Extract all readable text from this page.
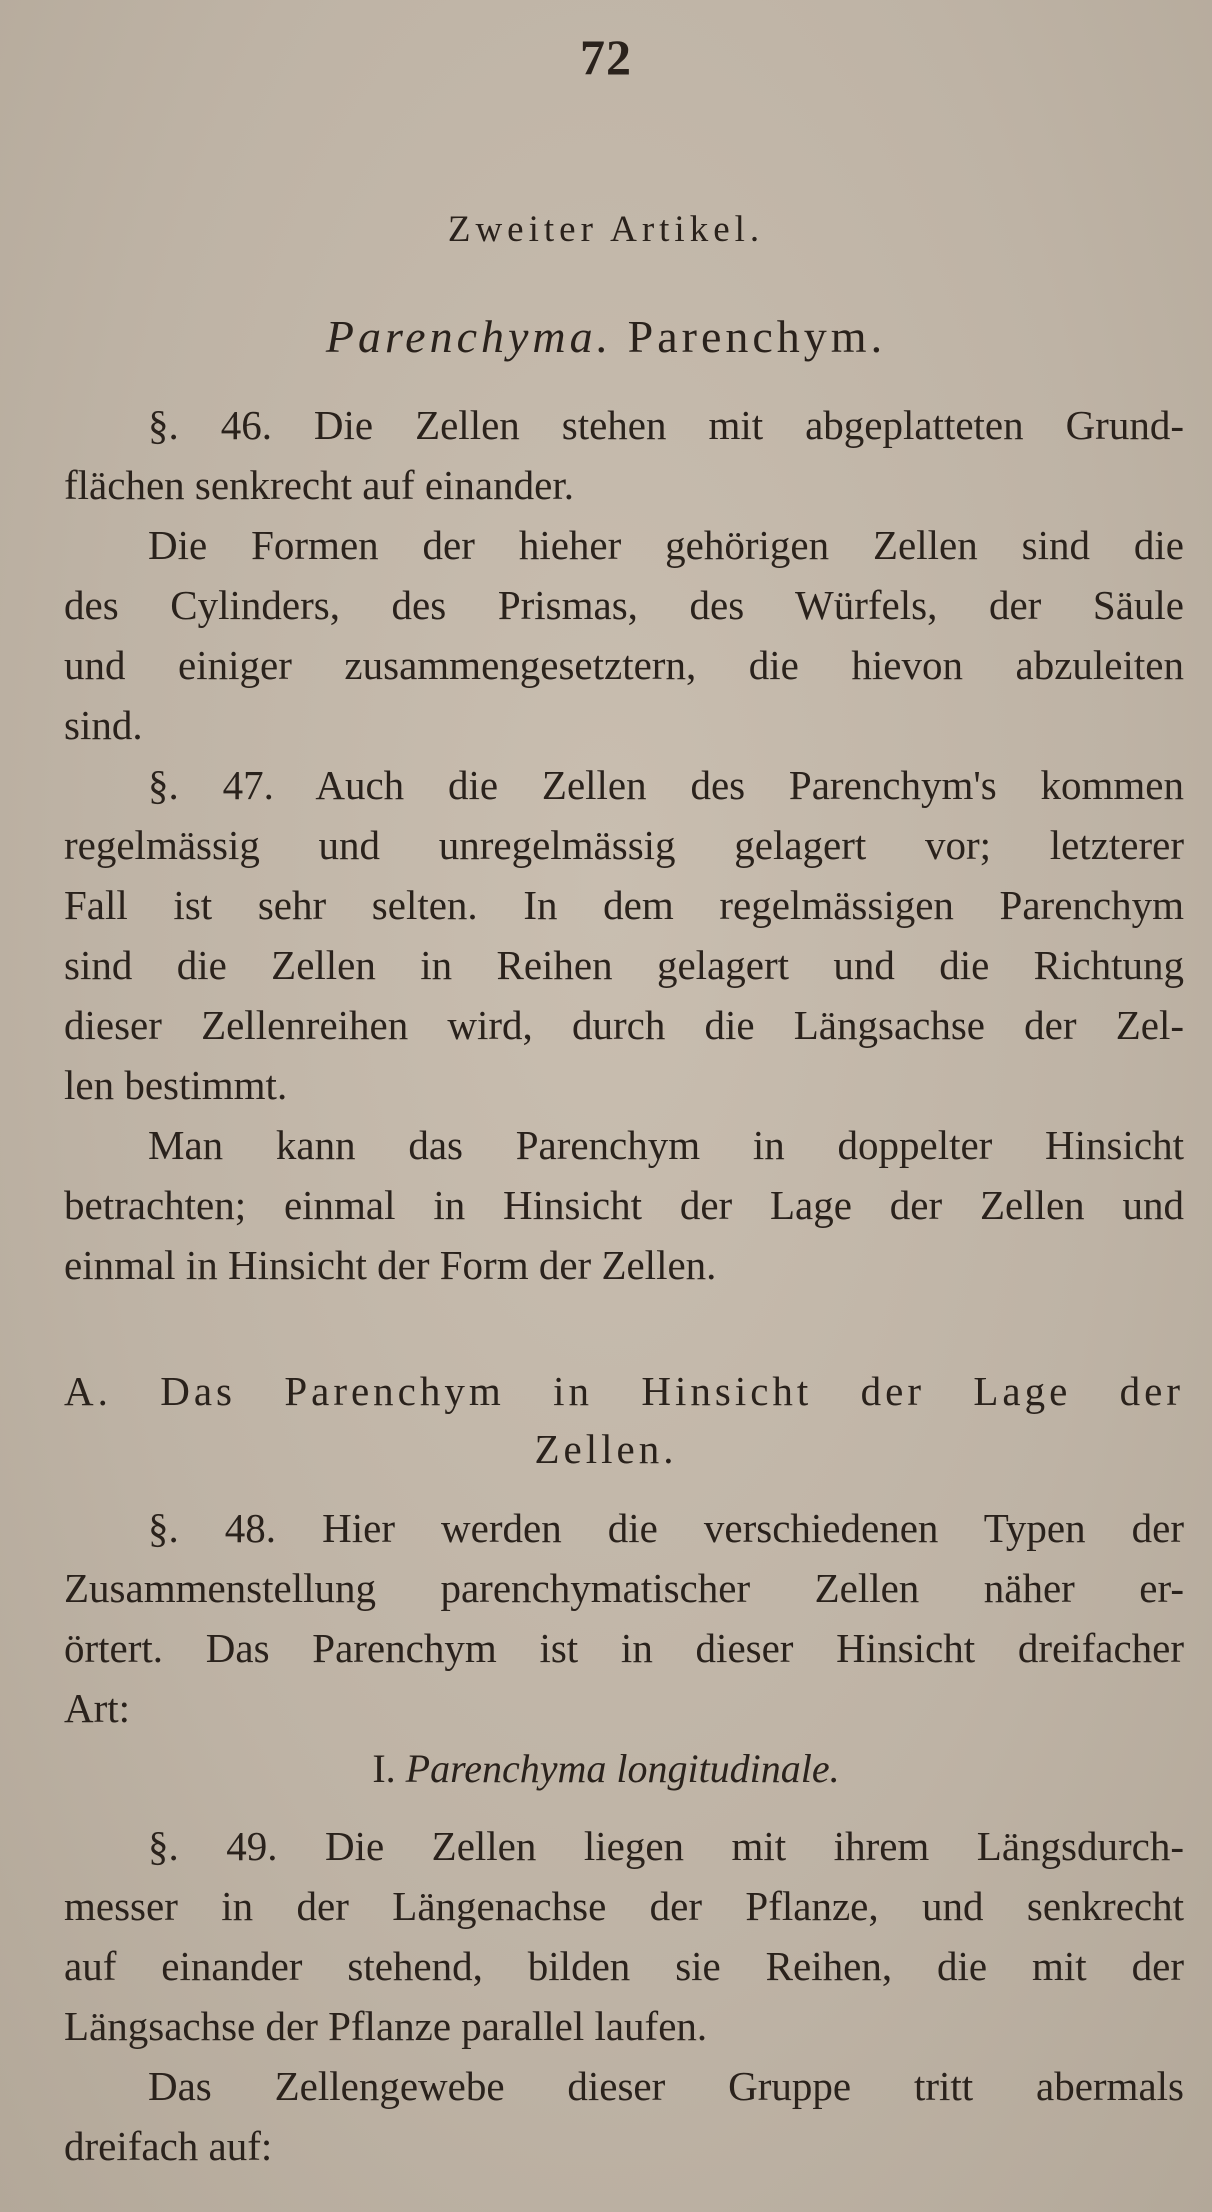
72
Zweiter Artikel.
Parenchyma. Parenchym.
§. 46. Die Zellen stehen mit abgeplatteten Grund-
flächen senkrecht auf einander.
Die Formen der hieher gehörigen Zellen sind die
des Cylinders, des Prismas, des Würfels, der Säule
und einiger zusammengesetztern, die hievon abzuleiten
sind.
§. 47. Auch die Zellen des Parenchym's kommen
regelmässig und unregelmässig gelagert vor; letzterer
Fall ist sehr selten. In dem regelmässigen Parenchym
sind die Zellen in Reihen gelagert und die Richtung
dieser Zellenreihen wird, durch die Längsachse der Zel-
len bestimmt.
Man kann das Parenchym in doppelter Hinsicht
betrachten; einmal in Hinsicht der Lage der Zellen und
einmal in Hinsicht der Form der Zellen.
A. Das Parenchym in Hinsicht der Lage der
Zellen.
§. 48. Hier werden die verschiedenen Typen der
Zusammenstellung parenchymatischer Zellen näher er-
örtert. Das Parenchym ist in dieser Hinsicht dreifacher
Art:
I. Parenchyma longitudinale.
§. 49. Die Zellen liegen mit ihrem Längsdurch-
messer in der Längenachse der Pflanze, und senkrecht
auf einander stehend, bilden sie Reihen, die mit der
Längsachse der Pflanze parallel laufen.
Das Zellengewebe dieser Gruppe tritt abermals
dreifach auf:
